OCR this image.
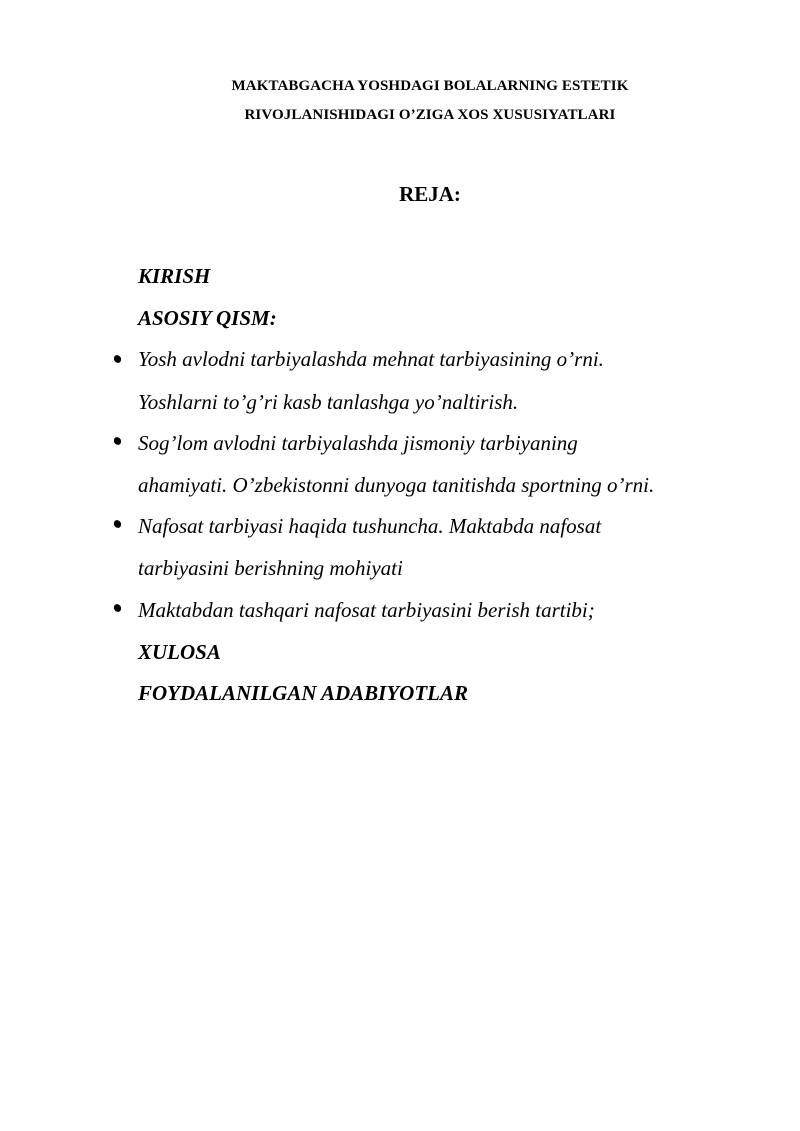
MAKTABGACHA YOSHDAGI BOLALARNING ESTETIK
RIVOJLANISHIDAGI O’ZIGA XOS XUSUSIYATLARI
REJA:
KIRISH
ASOSIY QISM:
Yosh avlodni tarbiyalashda mehnat tarbiyasining o’rni.
Yoshlarni to’g’ri kasb tanlashga yo’naltirish.
Sog’lom avlodni tarbiyalashda jismoniy tarbiyaning
ahamiyati. O’zbekistonni dunyoga tanitishda sportning o’rni.
Nafosat tarbiyasi haqida tushuncha. Maktabda nafosat
tarbiyasini berishning mohiyati
Maktabdan tashqari nafosat tarbiyasini berish tartibi;
XULOSA
FOYDALANILGAN ADABIYOTLAR
